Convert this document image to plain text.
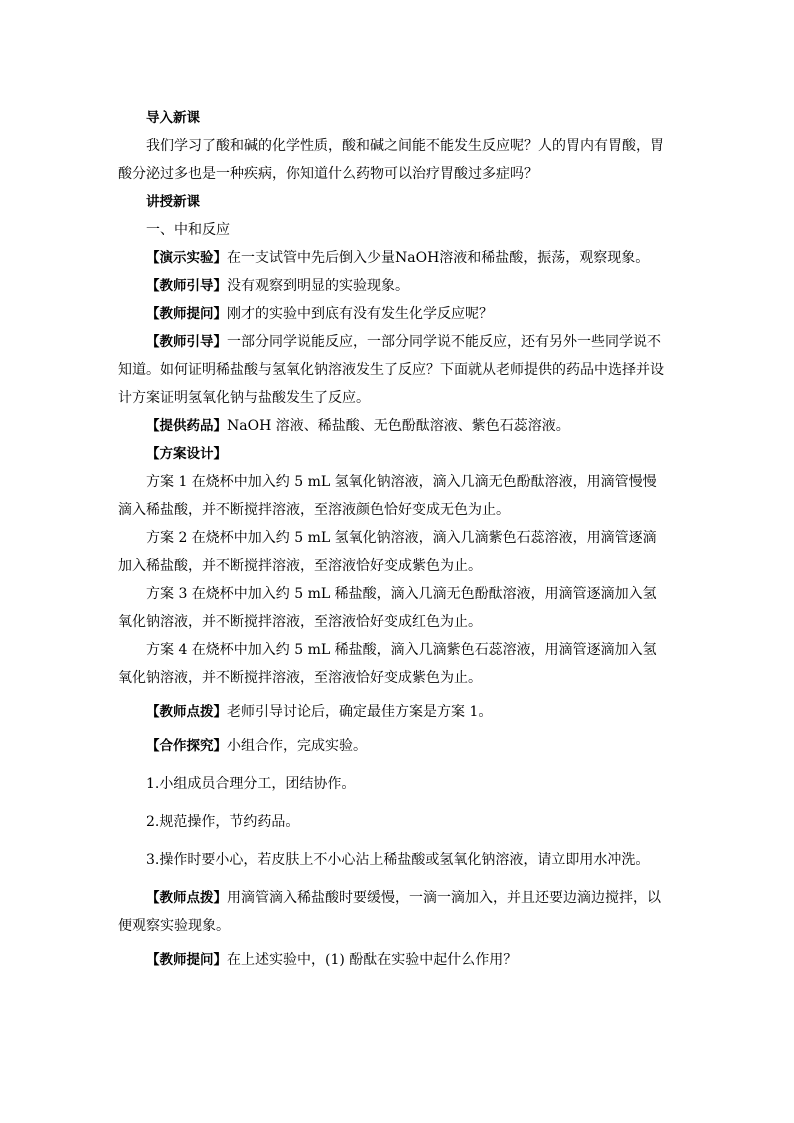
导入新课

我们学习了酸和碱的化学性质，酸和碱之间能不能发生反应呢？人的胃内有胃酸，胃酸分泌过多也是一种疾病，你知道什么药物可以治疗胃酸过多症吗？

讲授新课

一、中和反应

【演示实验】在一支试管中先后倒入少量NaOH溶液和稀盐酸，振荡，观察现象。

【教师引导】没有观察到明显的实验现象。

【教师提问】刚才的实验中到底有没有发生化学反应呢？

【教师引导】一部分同学说能反应，一部分同学说不能反应，还有另外一些同学说不知道。如何证明稀盐酸与氢氧化钠溶液发生了反应？下面就从老师提供的药品中选择并设计方案证明氢氧化钠与盐酸发生了反应。

【提供药品】NaOH 溶液、稀盐酸、无色酚酞溶液、紫色石蕊溶液。

【方案设计】

方案 1 在烧杯中加入约 5 mL 氢氧化钠溶液，滴入几滴无色酚酞溶液，用滴管慢慢滴入稀盐酸，并不断搅拌溶液，至溶液颜色恰好变成无色为止。

方案 2 在烧杯中加入约 5 mL 氢氧化钠溶液，滴入几滴紫色石蕊溶液，用滴管逐滴加入稀盐酸，并不断搅拌溶液，至溶液恰好变成紫色为止。

方案 3 在烧杯中加入约 5 mL 稀盐酸，滴入几滴无色酚酞溶液，用滴管逐滴加入氢氧化钠溶液，并不断搅拌溶液，至溶液恰好变成红色为止。

方案 4 在烧杯中加入约 5 mL 稀盐酸，滴入几滴紫色石蕊溶液，用滴管逐滴加入氢氧化钠溶液，并不断搅拌溶液，至溶液恰好变成紫色为止。

【教师点拨】老师引导讨论后，确定最佳方案是方案 1。

【合作探究】小组合作，完成实验。

1.小组成员合理分工，团结协作。

2.规范操作，节约药品。

3.操作时要小心，若皮肤上不小心沾上稀盐酸或氢氧化钠溶液，请立即用水冲洗。

【教师点拨】用滴管滴入稀盐酸时要缓慢，一滴一滴加入，并且还要边滴边搅拌，以便观察实验现象。

【教师提问】在上述实验中，(1) 酚酞在实验中起什么作用？
